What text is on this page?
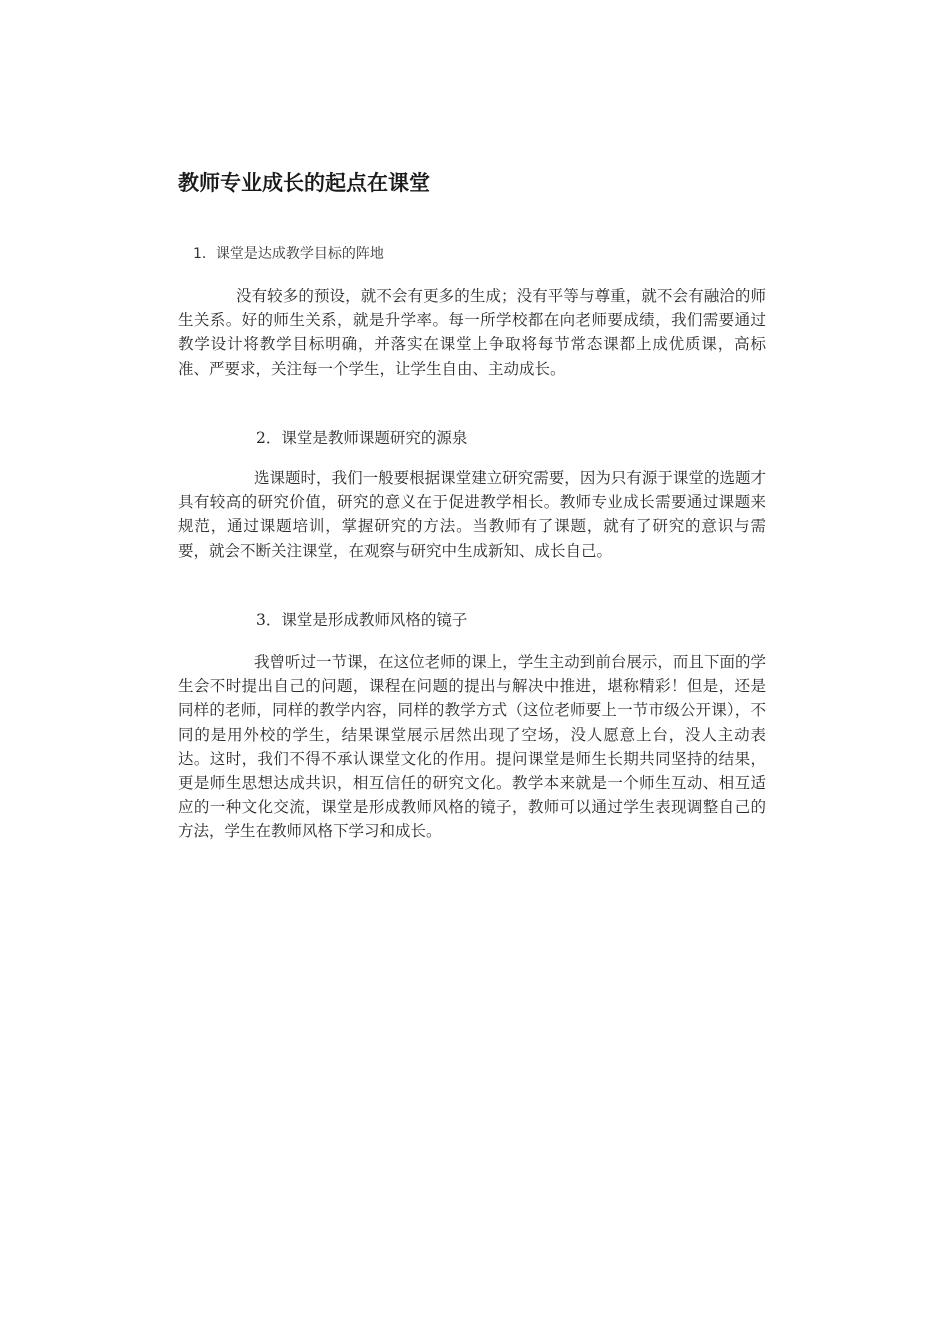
教师专业成长的起点在课堂

1．课堂是达成教学目标的阵地

没有较多的预设，就不会有更多的生成；没有平等与尊重，就不会有融洽的师生关系。好的师生关系，就是升学率。每一所学校都在向老师要成绩，我们需要通过教学设计将教学目标明确，并落实在课堂上争取将每节常态课都上成优质课，高标准、严要求，关注每一个学生，让学生自由、主动成长。

2．课堂是教师课题研究的源泉

选课题时，我们一般要根据课堂建立研究需要，因为只有源于课堂的选题才具有较高的研究价值，研究的意义在于促进教学相长。教师专业成长需要通过课题来规范，通过课题培训，掌握研究的方法。当教师有了课题，就有了研究的意识与需要，就会不断关注课堂，在观察与研究中生成新知、成长自己。

3．课堂是形成教师风格的镜子

我曾听过一节课，在这位老师的课上，学生主动到前台展示，而且下面的学生会不时提出自己的问题，课程在问题的提出与解决中推进，堪称精彩！但是，还是同样的老师，同样的教学内容，同样的教学方式（这位老师要上一节市级公开课），不同的是用外校的学生，结果课堂展示居然出现了空场，没人愿意上台，没人主动表达。这时，我们不得不承认课堂文化的作用。提问课堂是师生长期共同坚持的结果，更是师生思想达成共识，相互信任的研究文化。教学本来就是一个师生互动、相互适应的一种文化交流，课堂是形成教师风格的镜子，教师可以通过学生表现调整自己的方法，学生在教师风格下学习和成长。
